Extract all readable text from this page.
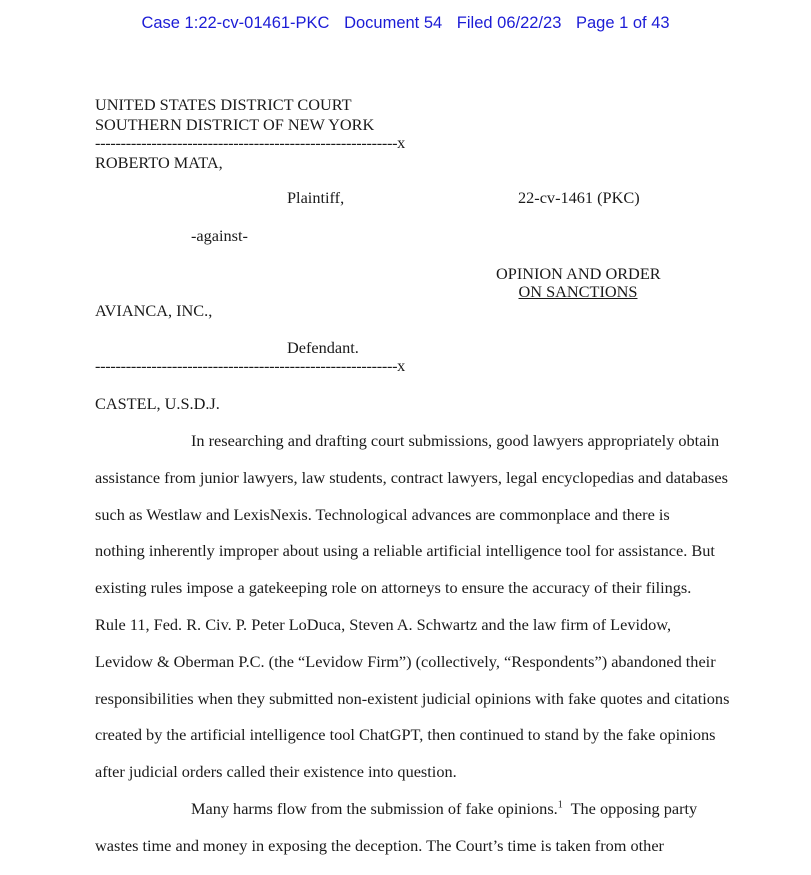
Case 1:22-cv-01461-PKC Document 54 Filed 06/22/23 Page 1 of 43
UNITED STATES DISTRICT COURT
SOUTHERN DISTRICT OF NEW YORK
-----------------------------------------------------------x
ROBERTO MATA,
Plaintiff,	22-cv-1461 (PKC)
-against-
OPINION AND ORDER
ON SANCTIONS
AVIANCA, INC.,
Defendant.
-----------------------------------------------------------x
CASTEL, U.S.D.J.
In researching and drafting court submissions, good lawyers appropriately obtain
assistance from junior lawyers, law students, contract lawyers, legal encyclopedias and databases
such as Westlaw and LexisNexis. Technological advances are commonplace and there is
nothing inherently improper about using a reliable artificial intelligence tool for assistance. But
existing rules impose a gatekeeping role on attorneys to ensure the accuracy of their filings.
Rule 11, Fed. R. Civ. P. Peter LoDuca, Steven A. Schwartz and the law firm of Levidow,
Levidow & Oberman P.C. (the “Levidow Firm”) (collectively, “Respondents”) abandoned their
responsibilities when they submitted non-existent judicial opinions with fake quotes and citations
created by the artificial intelligence tool ChatGPT, then continued to stand by the fake opinions
after judicial orders called their existence into question.
Many harms flow from the submission of fake opinions.$^1$  The opposing party
wastes time and money in exposing the deception. The Court’s time is taken from other
